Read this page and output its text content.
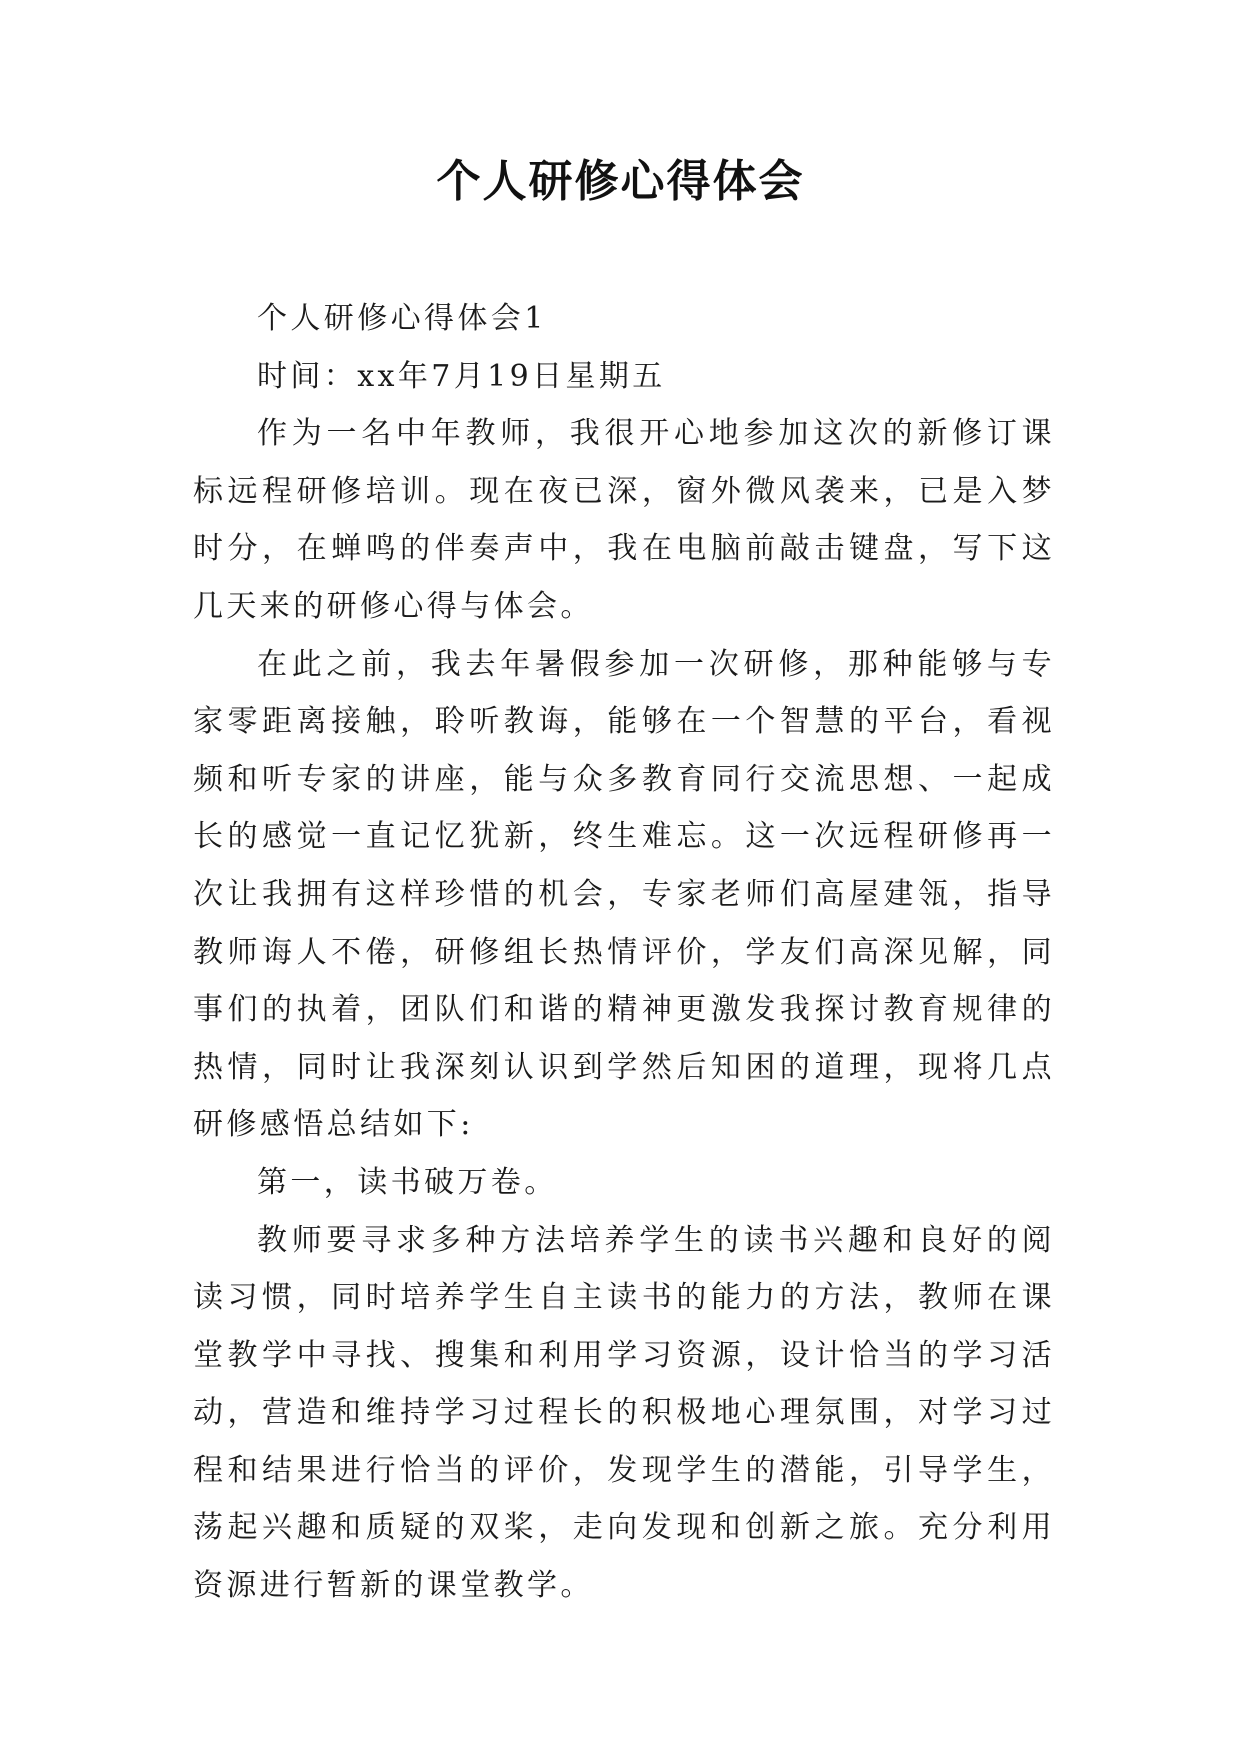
个人研修心得体会

个人研修心得体会1

时间：xx年7月19日星期五

作为一名中年教师，我很开心地参加这次的新修订课标远程研修培训。现在夜已深，窗外微风袭来，已是入梦时分，在蝉鸣的伴奏声中，我在电脑前敲击键盘，写下这几天来的研修心得与体会。

在此之前，我去年暑假参加一次研修，那种能够与专家零距离接触，聆听教诲，能够在一个智慧的平台，看视频和听专家的讲座，能与众多教育同行交流思想、一起成长的感觉一直记忆犹新，终生难忘。这一次远程研修再一次让我拥有这样珍惜的机会，专家老师们高屋建瓴，指导教师诲人不倦，研修组长热情评价，学友们高深见解，同事们的执着，团队们和谐的精神更激发我探讨教育规律的热情，同时让我深刻认识到学然后知困的道理，现将几点研修感悟总结如下:

第一，读书破万卷。

教师要寻求多种方法培养学生的读书兴趣和良好的阅读习惯，同时培养学生自主读书的能力的方法，教师在课堂教学中寻找、搜集和利用学习资源，设计恰当的学习活动，营造和维持学习过程长的积极地心理氛围，对学习过程和结果进行恰当的评价，发现学生的潜能，引导学生，荡起兴趣和质疑的双桨，走向发现和创新之旅。充分利用资源进行暂新的课堂教学。
